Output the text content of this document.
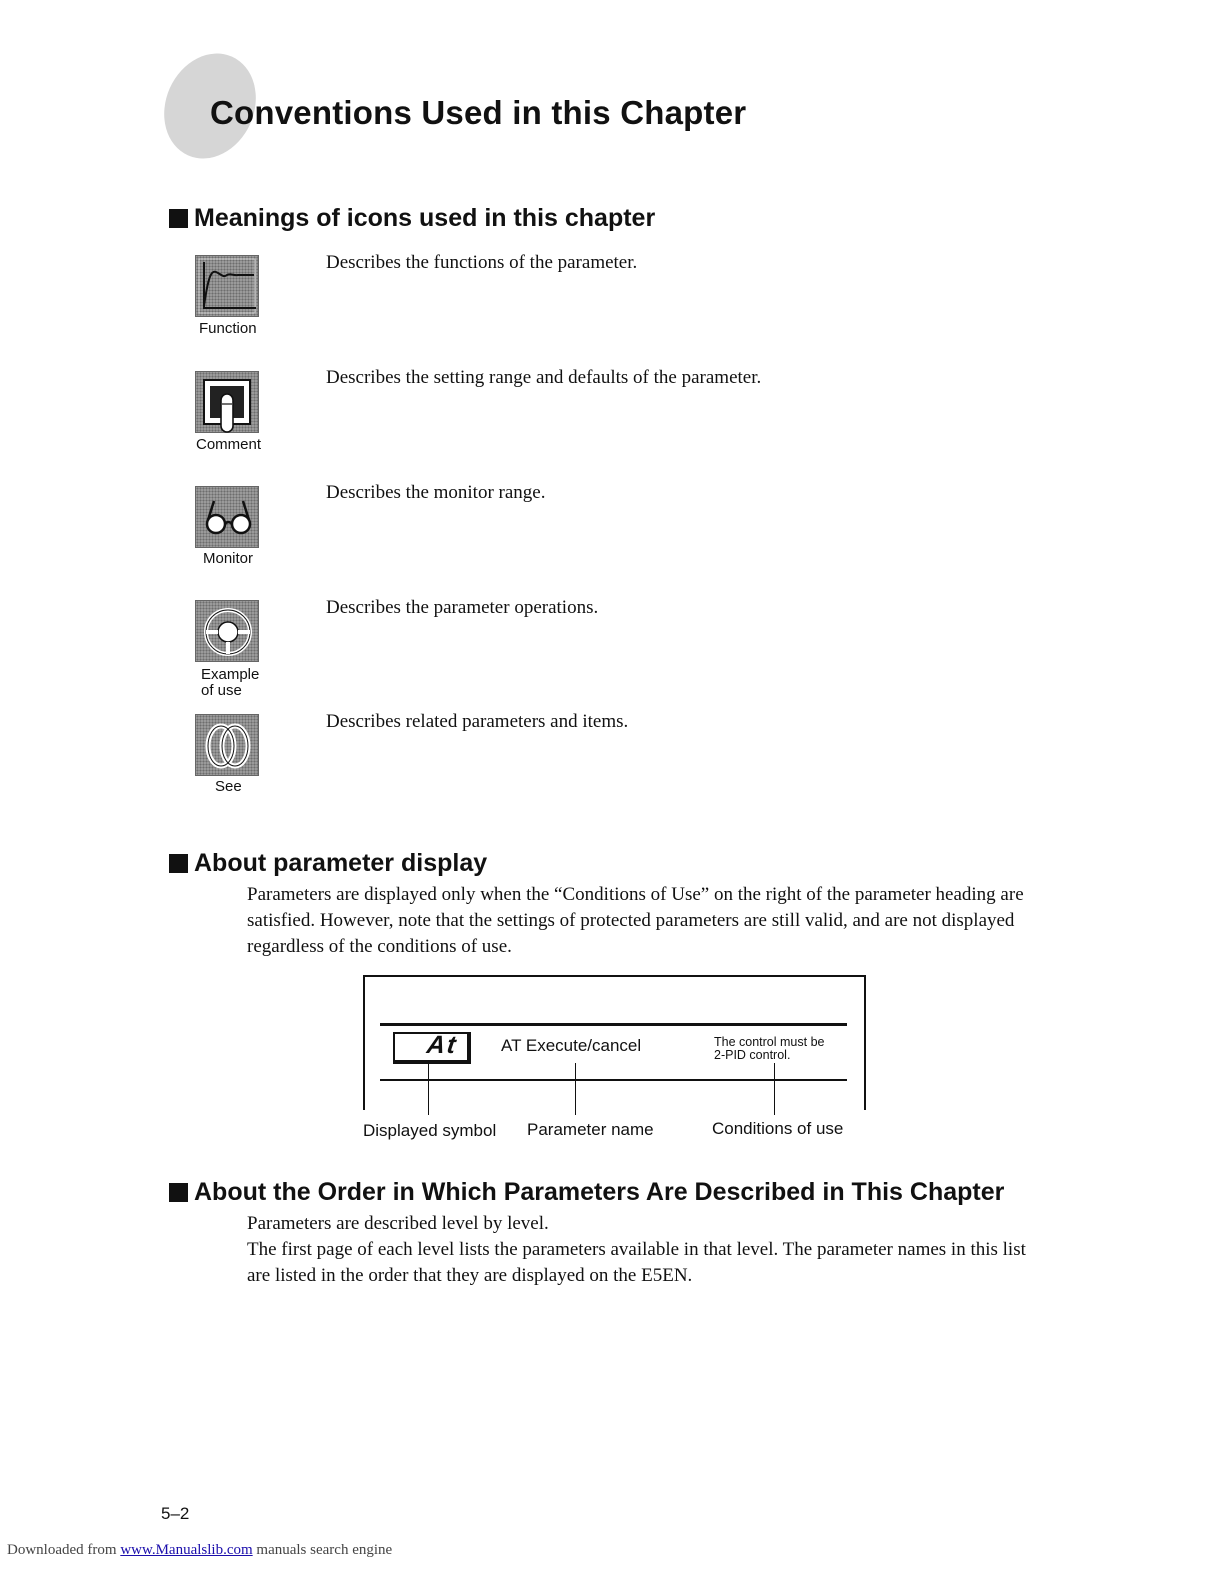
Conventions Used in this Chapter
Meanings of icons used in this chapter
Function
Describes the functions of the parameter.
Comment
Describes the setting range and defaults of the parameter.
Monitor
Describes the monitor range.
Example
of use
Describes the parameter operations.
See
Describes related parameters and items.
About parameter display

Parameters are displayed only when the “Conditions of Use” on the right of the parameter heading are satisfied. However, note that the settings of protected parameters are still valid, and are not displayed regardless of the conditions of use.

At AT Execute/cancel	The control must be
2-PID control.
Displayed symbol Parameter name	Conditions of use
About the Order in Which Parameters Are Described in This Chapter

Parameters are described level by level.

The first page of each level lists the parameters available in that level. The parameter names in this list are listed in the order that they are displayed on the E5EN.

5–2
Downloaded from www.Manualslib.com manuals search engine
